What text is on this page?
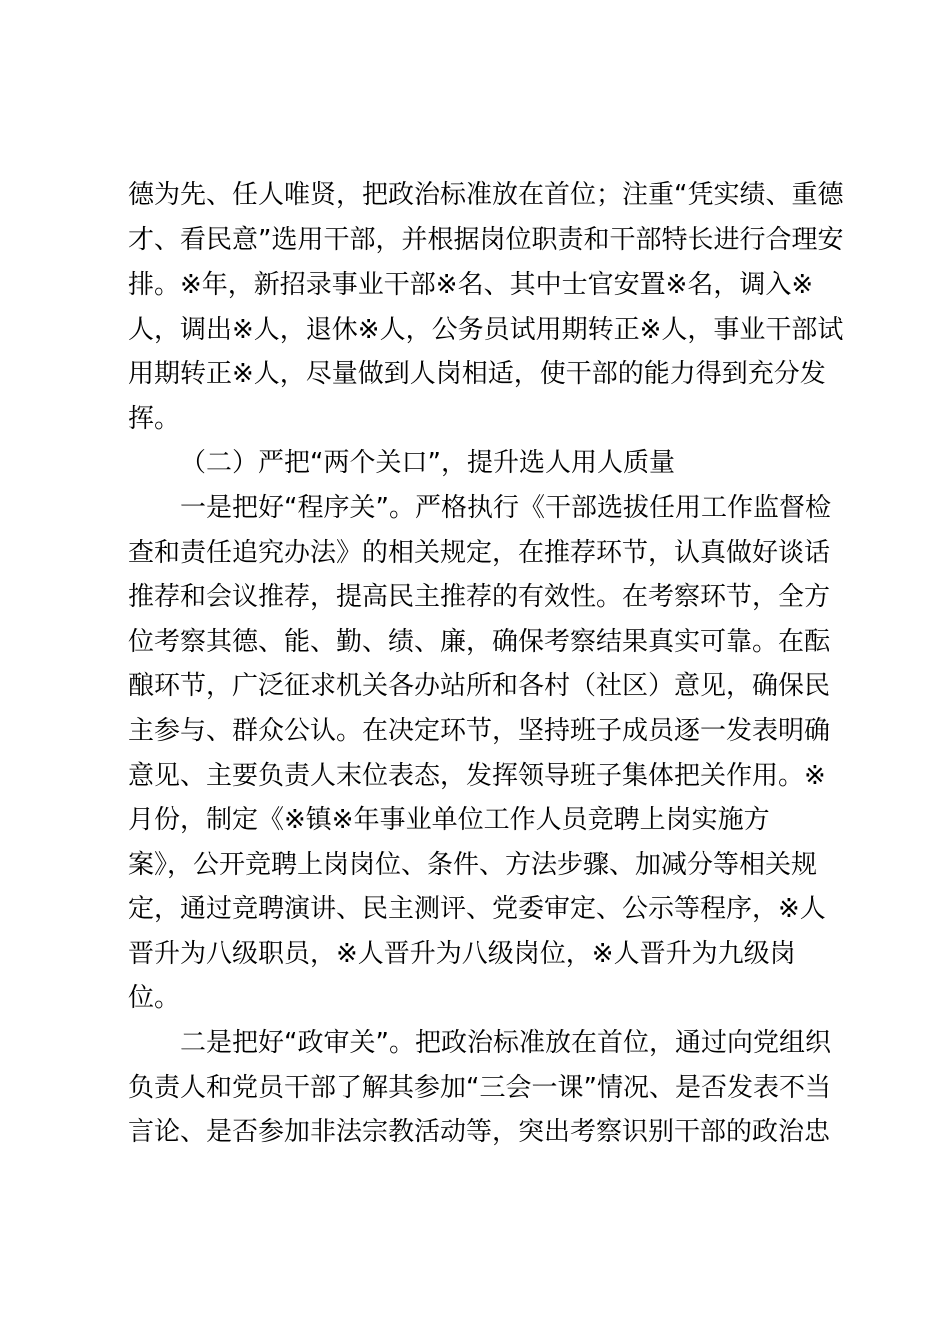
德为先、任人唯贤，把政治标准放在首位；注重“凭实绩、重德
才、看民意”选用干部，并根据岗位职责和干部特长进行合理安
排。※年，新招录事业干部※名、其中士官安置※名，调入※
人，调出※人，退休※人，公务员试用期转正※人，事业干部试
用期转正※人，尽量做到人岗相适，使干部的能力得到充分发
挥。
（二）严把“两个关口”，提升选人用人质量
一是把好“程序关”。严格执行《干部选拔任用工作监督检
查和责任追究办法》的相关规定，在推荐环节，认真做好谈话
推荐和会议推荐，提高民主推荐的有效性。在考察环节，全方
位考察其德、能、勤、绩、廉，确保考察结果真实可靠。在酝
酿环节，广泛征求机关各办站所和各村（社区）意见，确保民
主参与、群众公认。在决定环节，坚持班子成员逐一发表明确
意见、主要负责人末位表态，发挥领导班子集体把关作用。※
月份，制定《※镇※年事业单位工作人员竞聘上岗实施方
案》，公开竞聘上岗岗位、条件、方法步骤、加减分等相关规
定，通过竞聘演讲、民主测评、党委审定、公示等程序，※人
晋升为八级职员，※人晋升为八级岗位，※人晋升为九级岗
位。
二是把好“政审关”。把政治标准放在首位，通过向党组织
负责人和党员干部了解其参加“三会一课”情况、是否发表不当
言论、是否参加非法宗教活动等，突出考察识别干部的政治忠
